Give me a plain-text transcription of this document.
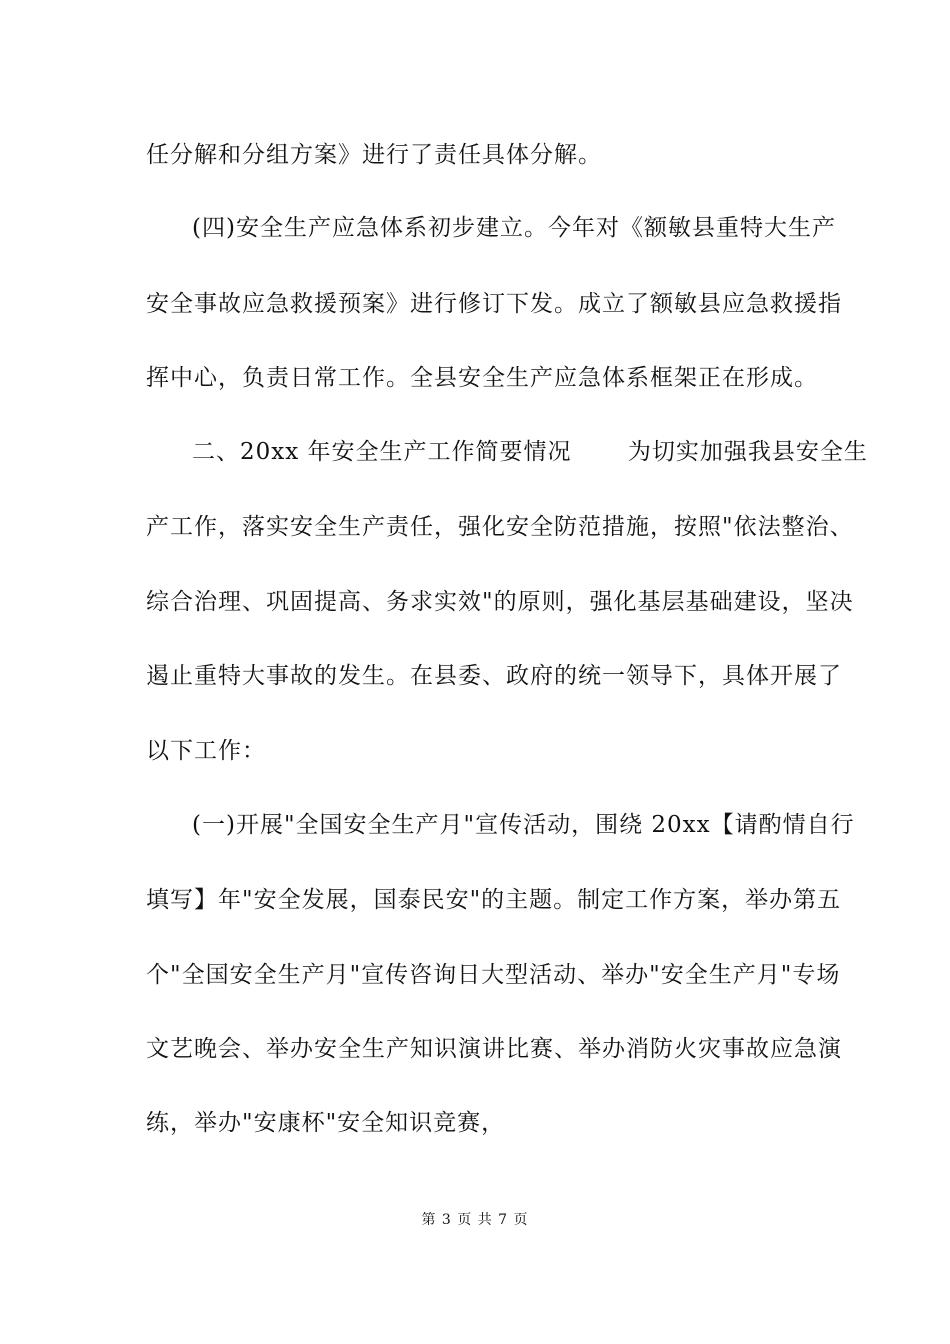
任分解和分组方案》进行了责任具体分解。
(四)安全生产应急体系初步建立。今年对《额敏县重特大生产
安全事故应急救援预案》进行修订下发。成立了额敏县应急救援指
挥中心，负责日常工作。全县安全生产应急体系框架正在形成。
二、20xx 年安全生产工作简要情况　　 为切实加强我县安全生
产工作，落实安全生产责任，强化安全防范措施，按照"依法整治、
综合治理、巩固提高、务求实效"的原则，强化基层基础建设，坚决
遏止重特大事故的发生。在县委、政府的统一领导下，具体开展了
以下工作：
(一)开展"全国安全生产月"宣传活动，围绕 20xx【请酌情自行
填写】年"安全发展，国泰民安"的主题。制定工作方案，举办第五
个"全国安全生产月"宣传咨询日大型活动、举办"安全生产月"专场
文艺晚会、举办安全生产知识演讲比赛、举办消防火灾事故应急演
练，举办"安康杯"安全知识竞赛，
第 3 页 共 7 页
